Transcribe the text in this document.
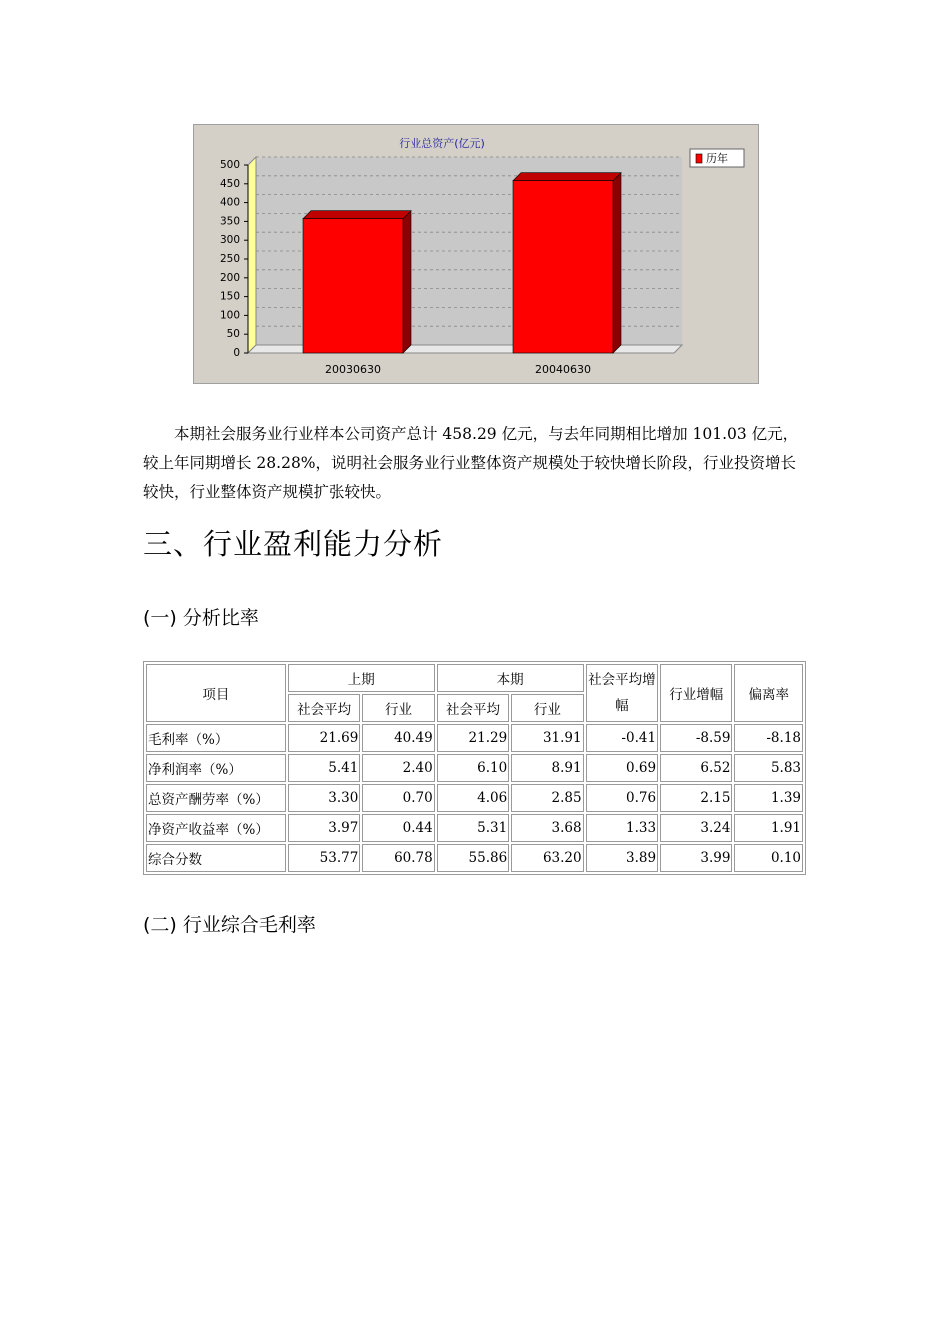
行业总资产(亿元)
0
50
100
150
200
250
300
350
400
450
500
20030630	20040630
历年

本期社会服务业行业样本公司资产总计 458.29 亿元，与去年同期相比增加 101.03 亿元，较上年同期增长 28.28%，说明社会服务业行业整体资产规模处于较快增长阶段，行业投资增长较快，行业整体资产规模扩张较快。

三、行业盈利能力分析
(一) 分析比率
项目	上期		本期		社会平均增幅	行业增幅	偏离率
	社会平均	行业	社会平均	行业			
毛利率（%）	21.69	40.49	21.29	31.91	-0.41	-8.59	-8.18
净利润率（%）	5.41	2.40	6.10	8.91	0.69	6.52	5.83
总资产酬劳率（%）	3.30	0.70	4.06	2.85	0.76	2.15	1.39
净资产收益率（%）	3.97	0.44	5.31	3.68	1.33	3.24	1.91
综合分数	53.77	60.78	55.86	63.20	3.89	3.99	0.10
(二) 行业综合毛利率
